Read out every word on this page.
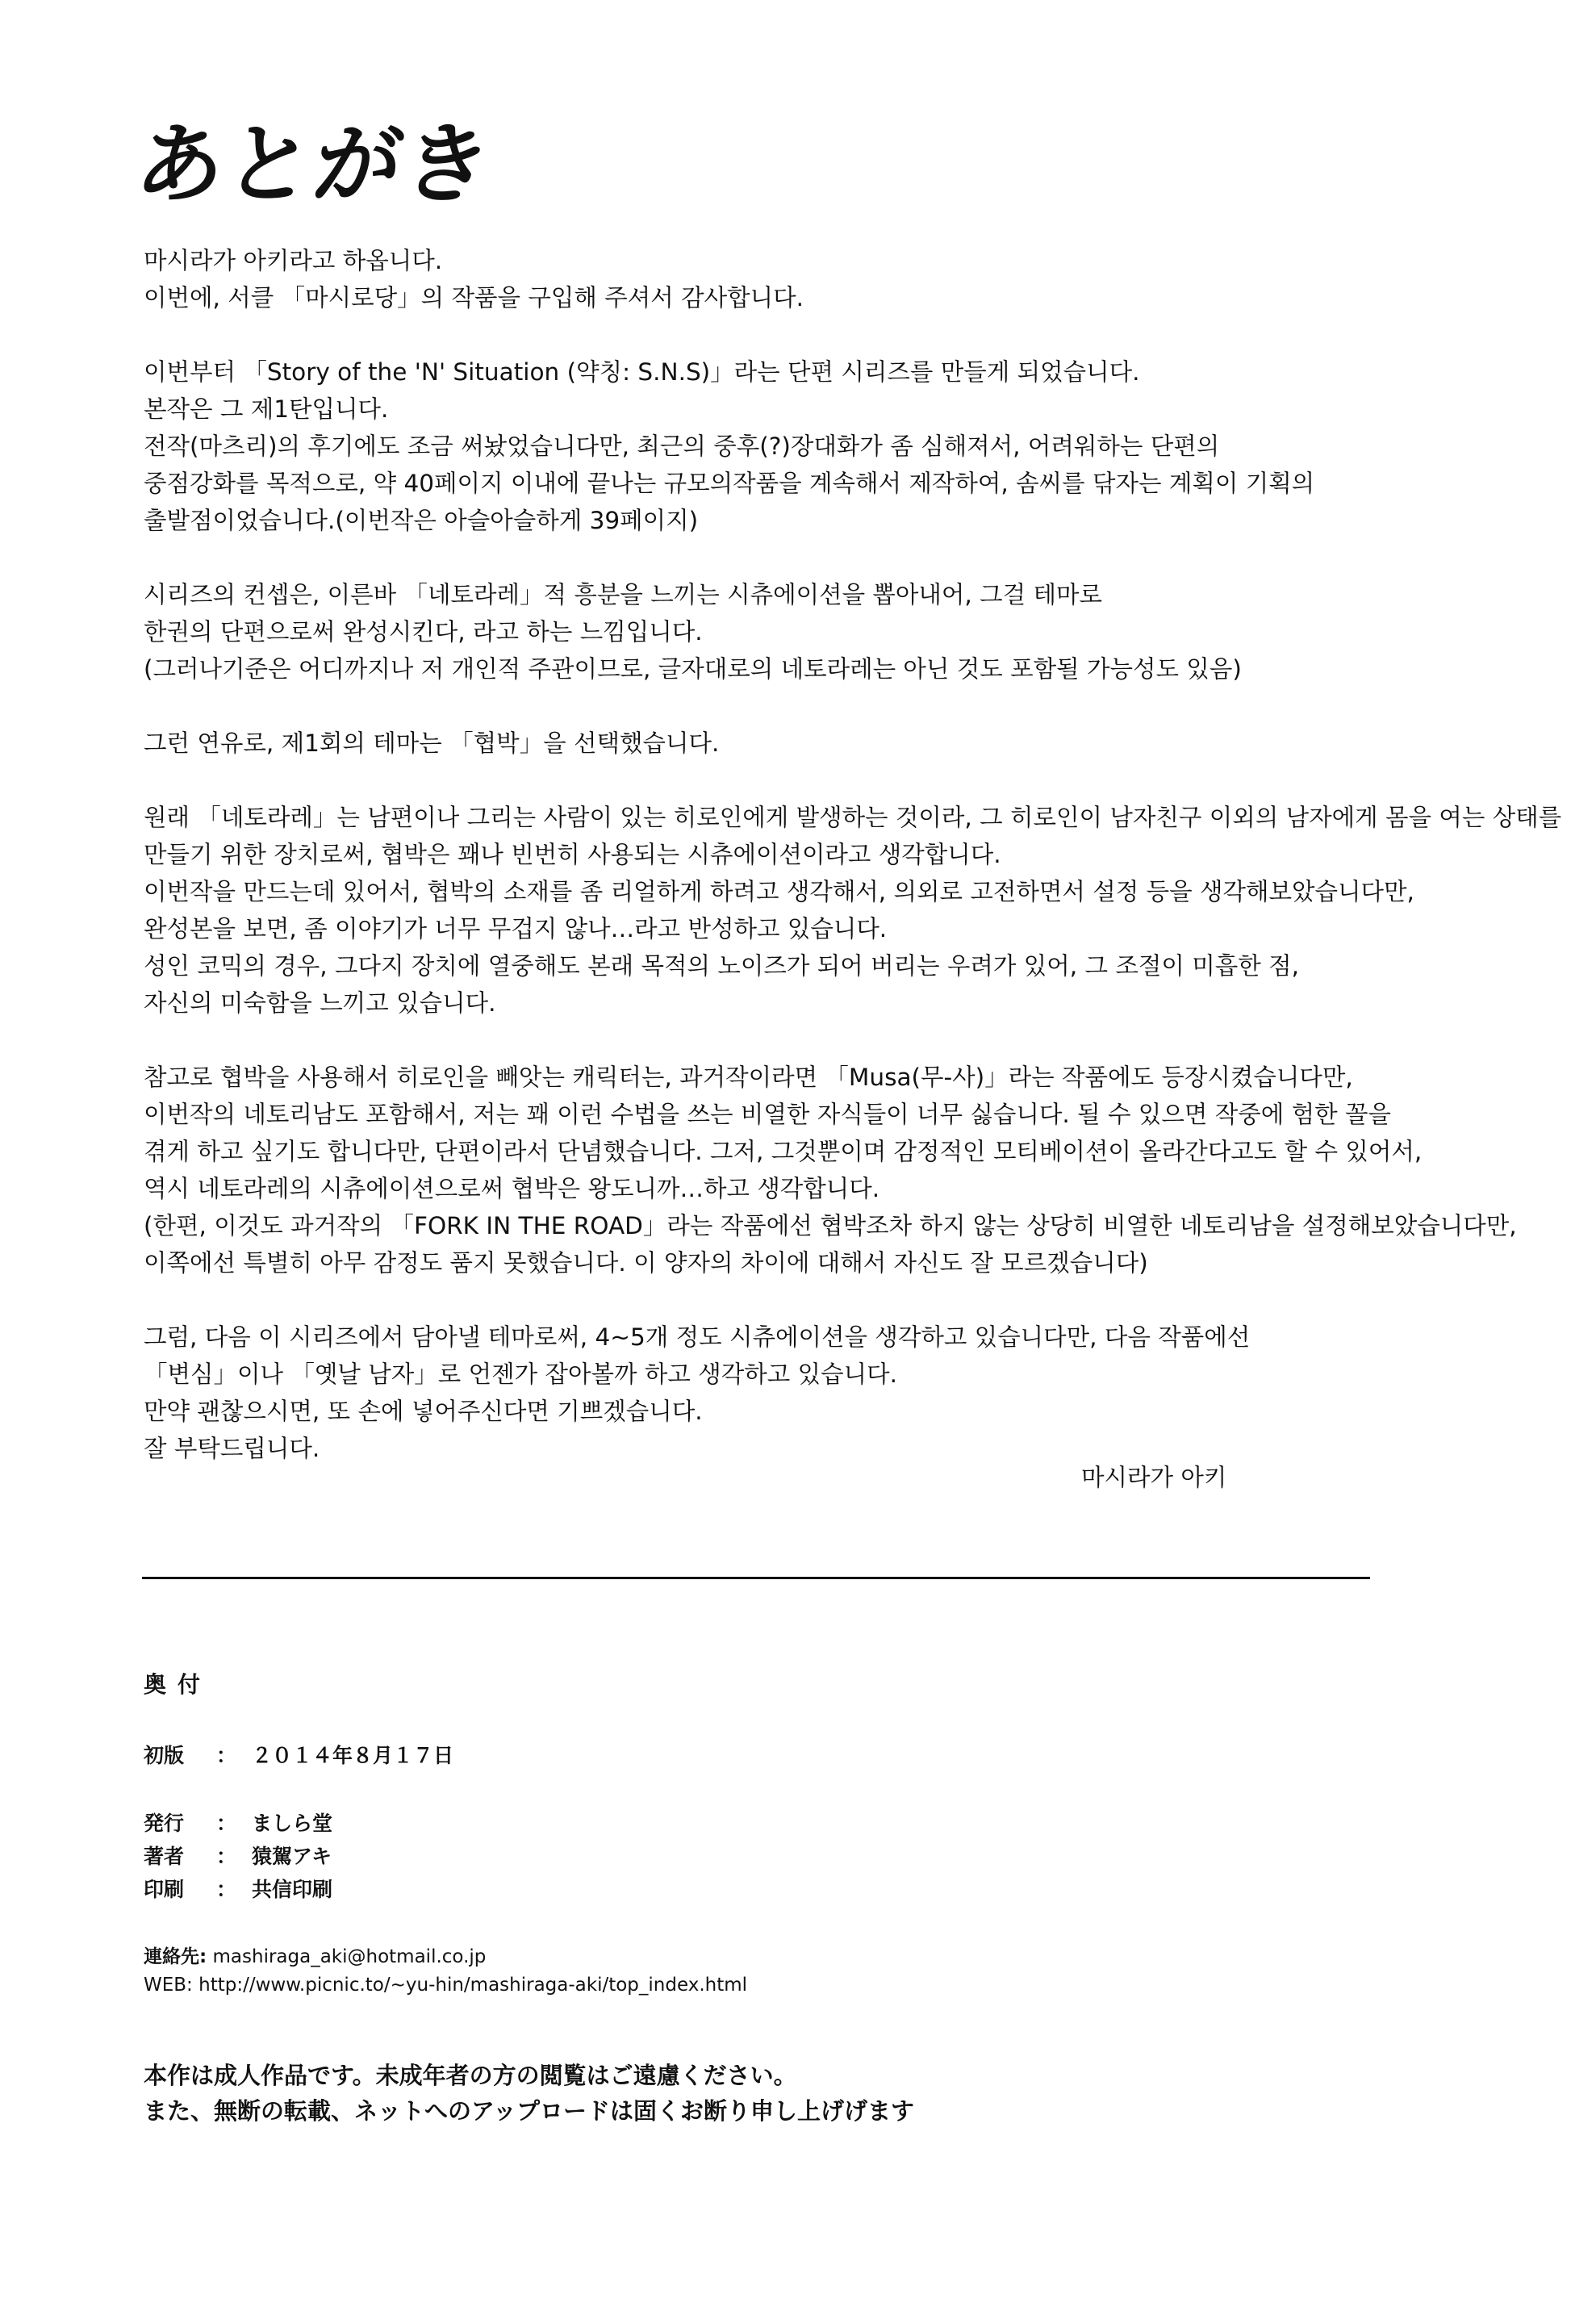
あとがき
마시라가 아키라고 하옵니다.
이번에, 서클 「마시로당」의 작품을 구입해 주셔서 감사합니다.
이번부터 「Story of the 'N' Situation (약칭: S.N.S)」라는 단편 시리즈를 만들게 되었습니다.
본작은 그 제1탄입니다.
전작(마츠리)의 후기에도 조금 써놨었습니다만, 최근의 중후(?)장대화가 좀 심해져서, 어려워하는 단편의
중점강화를 목적으로, 약 40페이지 이내에 끝나는 규모의작품을 계속해서 제작하여, 솜씨를 닦자는 계획이 기획의
출발점이었습니다.(이번작은 아슬아슬하게 39페이지)
시리즈의 컨셉은, 이른바 「네토라레」적 흥분을 느끼는 시츄에이션을 뽑아내어, 그걸 테마로
한권의 단편으로써 완성시킨다, 라고 하는 느낌입니다.
(그러나기준은 어디까지나 저 개인적 주관이므로, 글자대로의 네토라레는 아닌 것도 포함될 가능성도 있음)
그런 연유로, 제1회의 테마는 「협박」을 선택했습니다.
원래 「네토라레」는 남편이나 그리는 사람이 있는 히로인에게 발생하는 것이라, 그 히로인이 남자친구 이외의 남자에게 몸을 여는 상태를
만들기 위한 장치로써, 협박은 꽤나 빈번히 사용되는 시츄에이션이라고 생각합니다.
이번작을 만드는데 있어서, 협박의 소재를 좀 리얼하게 하려고 생각해서, 의외로 고전하면서 설정 등을 생각해보았습니다만,
완성본을 보면, 좀 이야기가 너무 무겁지 않나…라고 반성하고 있습니다.
성인 코믹의 경우, 그다지 장치에 열중해도 본래 목적의 노이즈가 되어 버리는 우려가 있어, 그 조절이 미흡한 점,
자신의 미숙함을 느끼고 있습니다.
참고로 협박을 사용해서 히로인을 빼앗는 캐릭터는, 과거작이라면 「Musa(무-사)」라는 작품에도 등장시켰습니다만,
이번작의 네토리남도 포함해서, 저는 꽤 이런 수법을 쓰는 비열한 자식들이 너무 싫습니다. 될 수 있으면 작중에 험한 꼴을
겪게 하고 싶기도 합니다만, 단편이라서 단념했습니다. 그저, 그것뿐이며 감정적인 모티베이션이 올라간다고도 할 수 있어서,
역시 네토라레의 시츄에이션으로써 협박은 왕도니까…하고 생각합니다.
(한편, 이것도 과거작의 「FORK IN THE ROAD」라는 작품에선 협박조차 하지 않는 상당히 비열한 네토리남을 설정해보았습니다만,
이쪽에선 특별히 아무 감정도 품지 못했습니다. 이 양자의 차이에 대해서 자신도 잘 모르겠습니다)
그럼, 다음 이 시리즈에서 담아낼 테마로써, 4~5개 정도 시츄에이션을 생각하고 있습니다만, 다음 작품에선
「변심」이나 「옛날 남자」로 언젠가 잡아볼까 하고 생각하고 있습니다.
만약 괜찮으시면, 또 손에 넣어주신다면 기쁘겠습니다.
잘 부탁드립니다.
마시라가 아키
奥付
初版 ： ２０１４年８月１７日
発行 ： ましら堂
著者 ： 猿駕アキ
印刷 ： 共信印刷
連絡先: mashiraga_aki@hotmail.co.jp
WEB: http://www.picnic.to/~yu-hin/mashiraga-aki/top_index.html
本作は成人作品です。未成年者の方の閲覧はご遠慮ください。
また、無断の転載、ネットへのアップロードは固くお断り申し上げげます
